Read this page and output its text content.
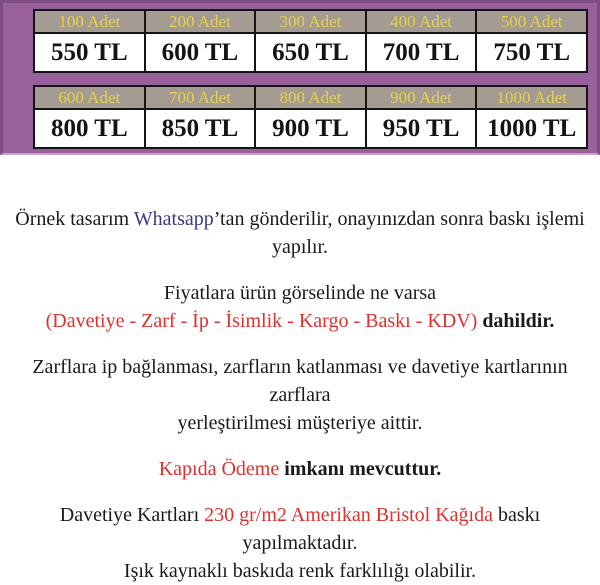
100 Adet	200 Adet	300 Adet	400 Adet	500 Adet
550 TL	600 TL	650 TL	700 TL	750 TL
600 Adet	700 Adet	800 Adet	900 Adet	1000 Adet
800 TL	850 TL	900 TL	950 TL	1000 TL

Örnek tasarım Whatsapp’tan gönderilir, onayınızdan sonra baskı işlemi yapılır.

Fiyatlara ürün görselinde ne varsa
(Davetiye - Zarf - İp - İsimlik - Kargo - Baskı - KDV) dahildir.

Zarflara ip bağlanması, zarfların katlanması ve davetiye kartlarının zarflara
yerleştirilmesi müşteriye aittir.

Kapıda Ödeme imkanı mevcuttur.

Davetiye Kartları 230 gr/m2 Amerikan Bristol Kağıda baskı yapılmaktadır.
Işık kaynaklı baskıda renk farklılığı olabilir.
